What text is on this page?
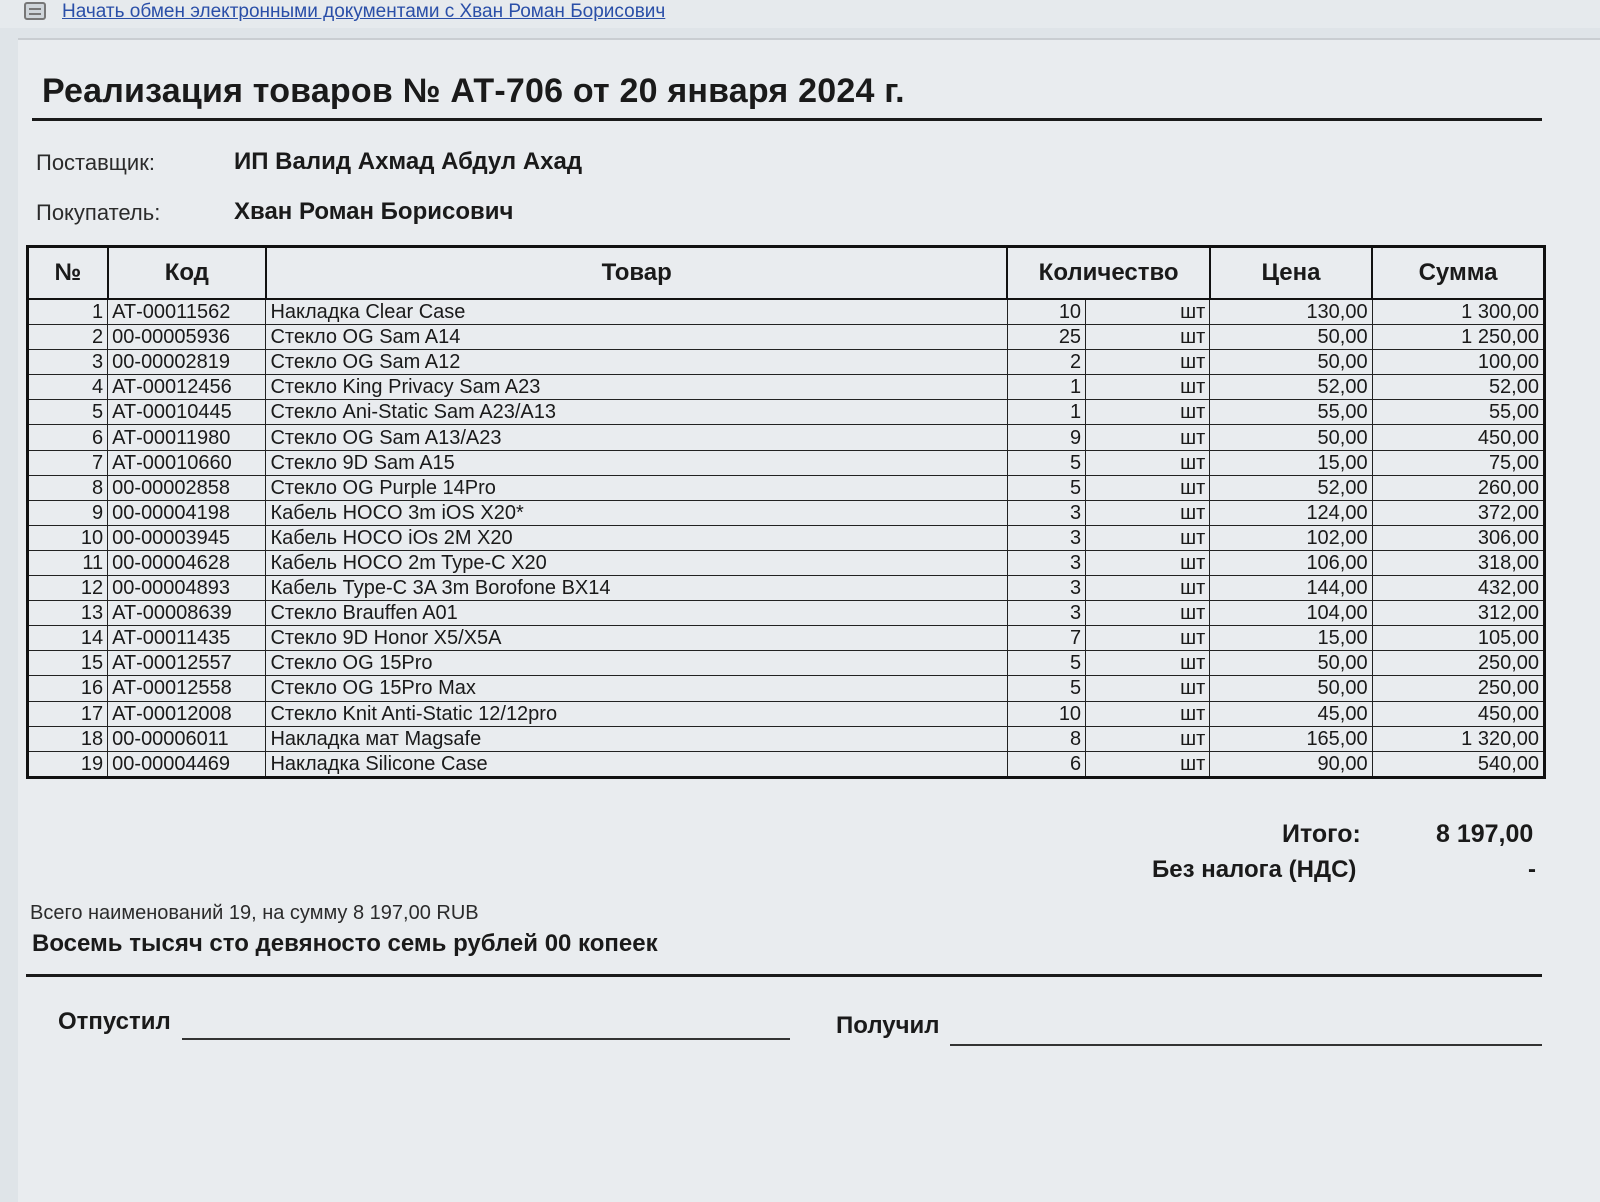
Начать обмен электронными документами с Хван Роман Борисович
Реализация товаров № АТ-706 от 20 января 2024 г.
Поставщик:	ИП Валид Ахмад Абдул Ахад
Покупатель:	Хван Роман Борисович
№	Код	Товар	Количество		Цена	Сумма
1	АТ-00011562	Накладка Clear Case	10	шт	130,00	1 300,00
2	00-00005936	Стекло OG Sam A14	25	шт	50,00	1 250,00
3	00-00002819	Стекло OG Sam A12	2	шт	50,00	100,00
4	АТ-00012456	Стекло King Privacy Sam A23	1	шт	52,00	52,00
5	АТ-00010445	Стекло Ani-Static Sam A23/A13	1	шт	55,00	55,00
6	АТ-00011980	Стекло OG Sam A13/A23	9	шт	50,00	450,00
7	АТ-00010660	Стекло 9D Sam A15	5	шт	15,00	75,00
8	00-00002858	Стекло OG Purple 14Pro	5	шт	52,00	260,00
9	00-00004198	Кабель HOCO 3m iOS X20*	3	шт	124,00	372,00
10	00-00003945	Кабель HOCO iOs 2M X20	3	шт	102,00	306,00
11	00-00004628	Кабель HOCO 2m Type-C X20	3	шт	106,00	318,00
12	00-00004893	Кабель Type-C 3A 3m Borofone BX14	3	шт	144,00	432,00
13	АТ-00008639	Стекло Brauffen A01	3	шт	104,00	312,00
14	АТ-00011435	Стекло 9D Honor X5/X5A	7	шт	15,00	105,00
15	АТ-00012557	Стекло OG 15Pro	5	шт	50,00	250,00
16	АТ-00012558	Стекло OG 15Pro Max	5	шт	50,00	250,00
17	АТ-00012008	Стекло Knit Anti-Static 12/12pro	10	шт	45,00	450,00
18	00-00006011	Накладка мат Magsafe	8	шт	165,00	1 320,00
19	00-00004469	Накладка Silicone Case	6	шт	90,00	540,00
Итого:	8 197,00
Без налога (НДС)	-
Всего наименований 19, на сумму 8 197,00 RUB
Восемь тысяч сто девяносто семь рублей 00 копеек
Отпустил	Получил
